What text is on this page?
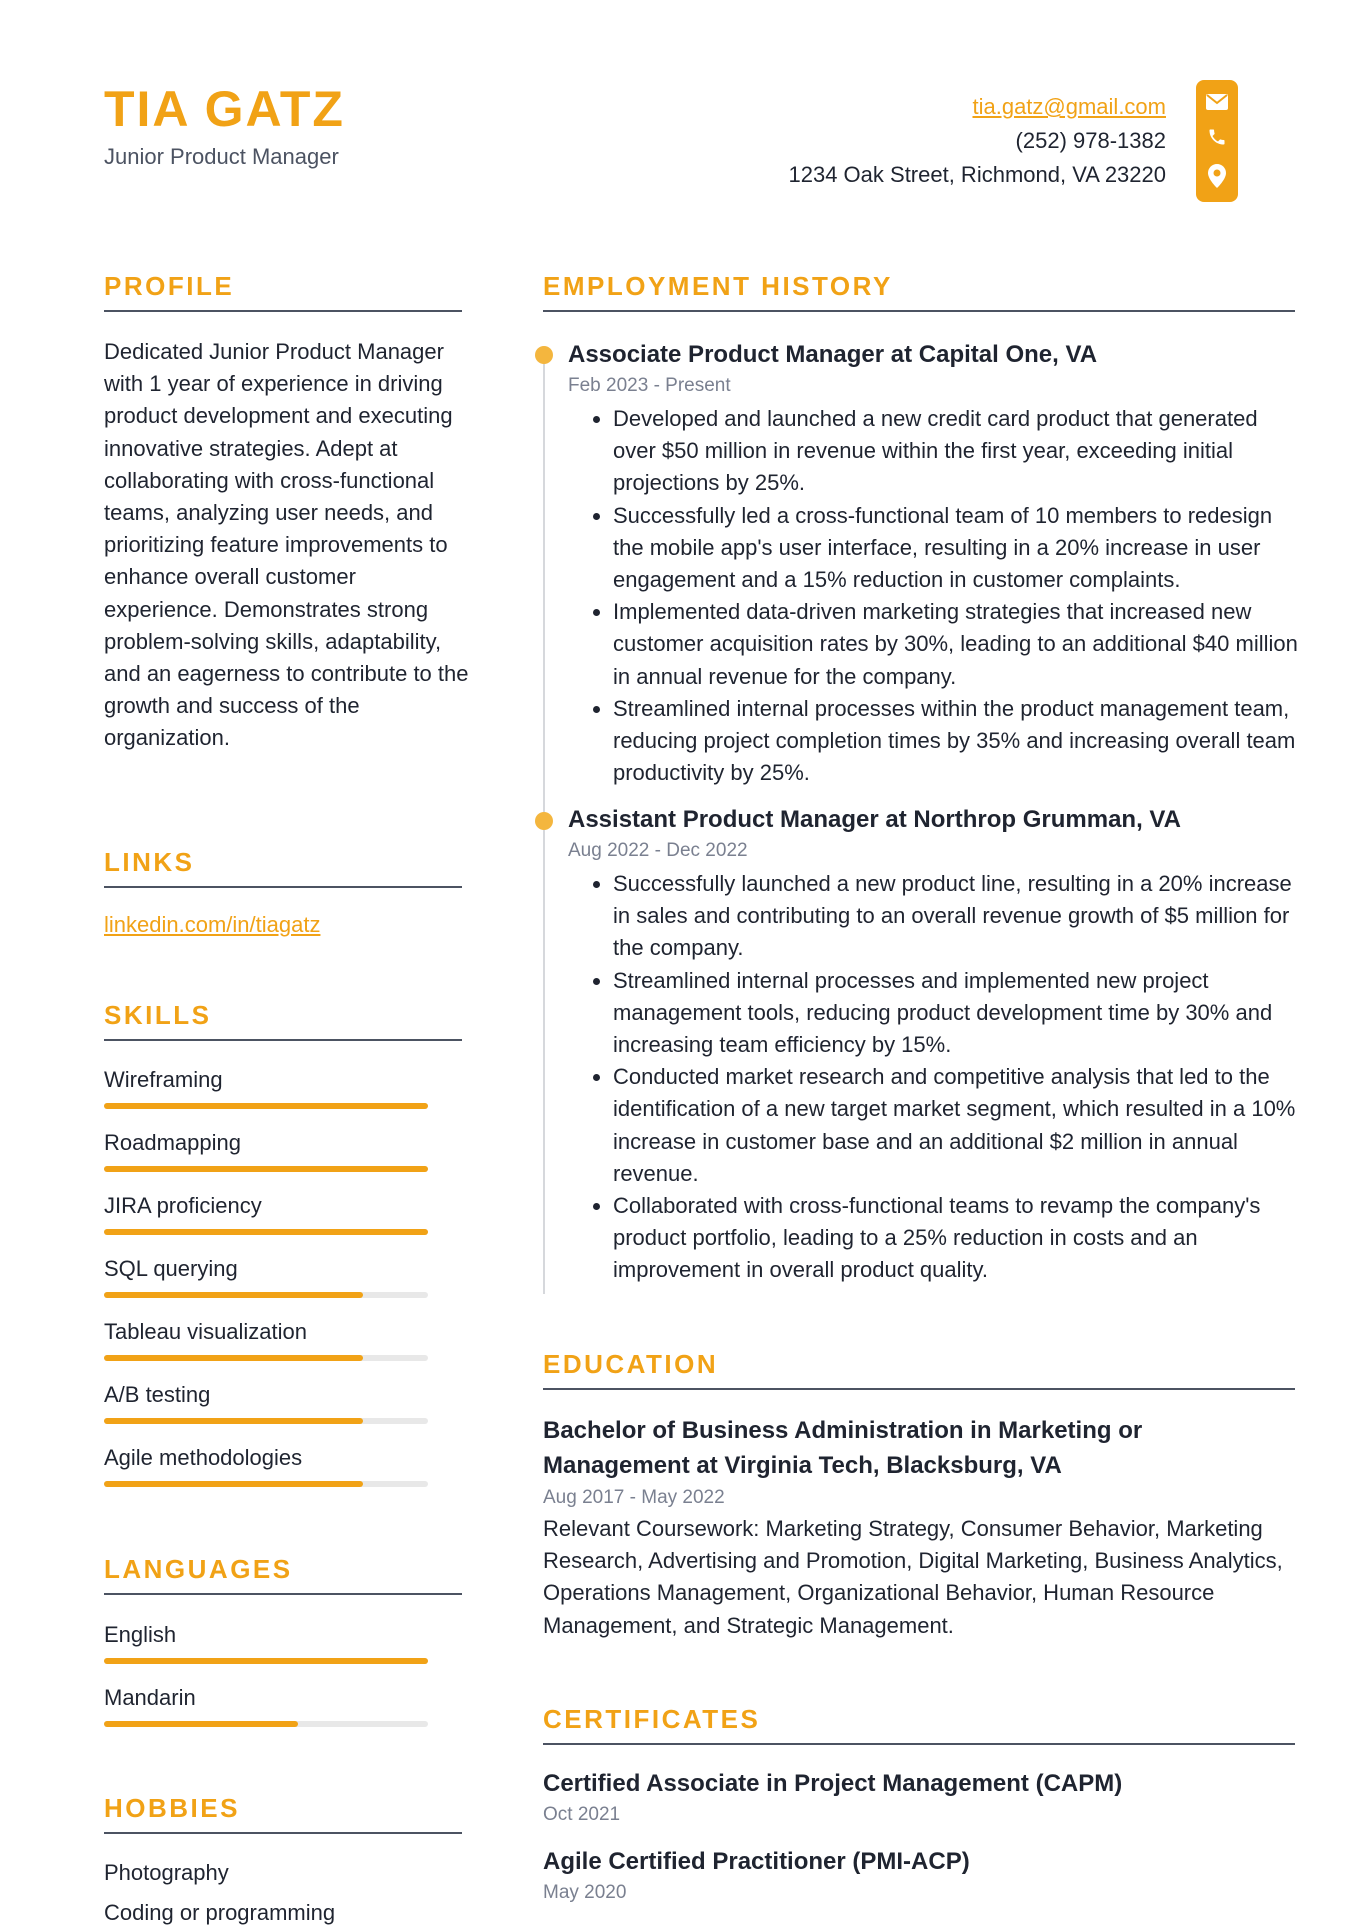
TIA GATZ
Junior Product Manager
tia.gatz@gmail.com
(252) 978-1382
1234 Oak Street, Richmond, VA 23220
PROFILE
Dedicated Junior Product Manager with 1 year of experience in driving product development and executing innovative strategies. Adept at collaborating with cross-functional teams, analyzing user needs, and prioritizing feature improvements to enhance overall customer experience. Demonstrates strong problem-solving skills, adaptability, and an eagerness to contribute to the growth and success of the organization.
LINKS
linkedin.com/in/tiagatz
SKILLS
Wireframing
Roadmapping
JIRA proficiency
SQL querying
Tableau visualization
A/B testing
Agile methodologies
LANGUAGES
English
Mandarin
HOBBIES
Photography
Coding or programming
EMPLOYMENT HISTORY
Associate Product Manager at Capital One, VA
Feb 2023 - Present
• Developed and launched a new credit card product that generated over $50 million in revenue within the first year, exceeding initial projections by 25%.
• Successfully led a cross-functional team of 10 members to redesign the mobile app's user interface, resulting in a 20% increase in user engagement and a 15% reduction in customer complaints.
• Implemented data-driven marketing strategies that increased new customer acquisition rates by 30%, leading to an additional $40 million in annual revenue for the company.
• Streamlined internal processes within the product management team, reducing project completion times by 35% and increasing overall team productivity by 25%.
Assistant Product Manager at Northrop Grumman, VA
Aug 2022 - Dec 2022
• Successfully launched a new product line, resulting in a 20% increase in sales and contributing to an overall revenue growth of $5 million for the company.
• Streamlined internal processes and implemented new project management tools, reducing product development time by 30% and increasing team efficiency by 15%.
• Conducted market research and competitive analysis that led to the identification of a new target market segment, which resulted in a 10% increase in customer base and an additional $2 million in annual revenue.
• Collaborated with cross-functional teams to revamp the company's product portfolio, leading to a 25% reduction in costs and an improvement in overall product quality.
EDUCATION
Bachelor of Business Administration in Marketing or Management at Virginia Tech, Blacksburg, VA
Aug 2017 - May 2022
Relevant Coursework: Marketing Strategy, Consumer Behavior, Marketing Research, Advertising and Promotion, Digital Marketing, Business Analytics, Operations Management, Organizational Behavior, Human Resource Management, and Strategic Management.
CERTIFICATES
Certified Associate in Project Management (CAPM)
Oct 2021
Agile Certified Practitioner (PMI-ACP)
May 2020
